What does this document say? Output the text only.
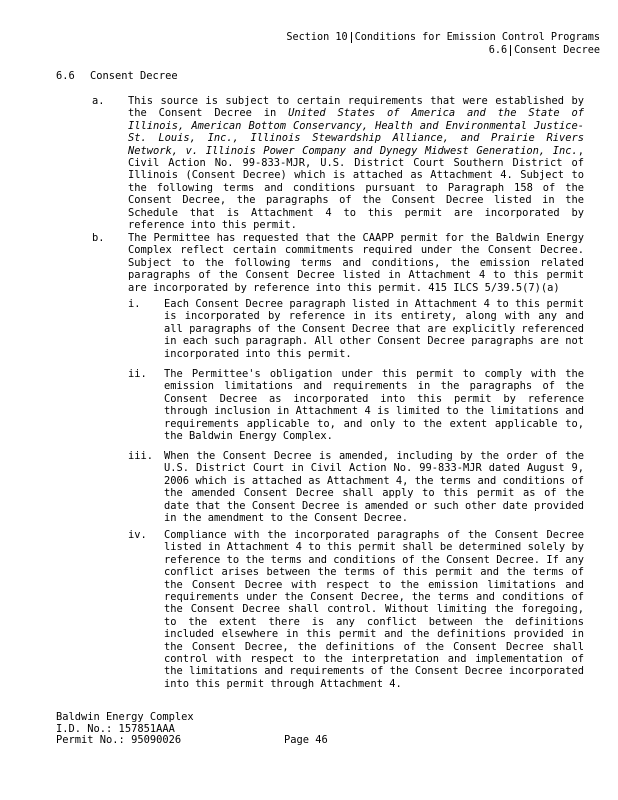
Section 10 Conditions for Emission Control Programs
6.6 Consent Decree
6.6 Consent Decree
a. This source is subject to certain requirements that were established by the Consent Decree in United States of America and the State of Illinois, American Bottom Conservancy, Health and Environmental Justice-St. Louis, Inc., Illinois Stewardship Alliance, and Prairie Rivers Network, v. Illinois Power Company and Dynegy Midwest Generation, Inc., Civil Action No. 99-833-MJR, U.S. District Court Southern District of Illinois (Consent Decree) which is attached as Attachment 4. Subject to the following terms and conditions pursuant to Paragraph 158 of the Consent Decree, the paragraphs of the Consent Decree listed in the Schedule that is Attachment 4 to this permit are incorporated by reference into this permit.
b. The Permittee has requested that the CAAPP permit for the Baldwin Energy Complex reflect certain commitments required under the Consent Decree. Subject to the following terms and conditions, the emission related paragraphs of the Consent Decree listed in Attachment 4 to this permit are incorporated by reference into this permit. 415 ILCS 5/39.5(7)(a)
i. Each Consent Decree paragraph listed in Attachment 4 to this permit is incorporated by reference in its entirety, along with any and all paragraphs of the Consent Decree that are explicitly referenced in each such paragraph. All other Consent Decree paragraphs are not incorporated into this permit.
ii. The Permittee's obligation under this permit to comply with the emission limitations and requirements in the paragraphs of the Consent Decree as incorporated into this permit by reference through inclusion in Attachment 4 is limited to the limitations and requirements applicable to, and only to the extent applicable to, the Baldwin Energy Complex.
iii. When the Consent Decree is amended, including by the order of the U.S. District Court in Civil Action No. 99-833-MJR dated August 9, 2006 which is attached as Attachment 4, the terms and conditions of the amended Consent Decree shall apply to this permit as of the date that the Consent Decree is amended or such other date provided in the amendment to the Consent Decree.
iv. Compliance with the incorporated paragraphs of the Consent Decree listed in Attachment 4 to this permit shall be determined solely by reference to the terms and conditions of the Consent Decree. If any conflict arises between the terms of this permit and the terms of the Consent Decree with respect to the emission limitations and requirements under the Consent Decree, the terms and conditions of the Consent Decree shall control. Without limiting the foregoing, to the extent there is any conflict between the definitions included elsewhere in this permit and the definitions provided in the Consent Decree, the definitions of the Consent Decree shall control with respect to the interpretation and implementation of the limitations and requirements of the Consent Decree incorporated into this permit through Attachment 4.
Baldwin Energy Complex
I.D. No.: 157851AAA
Permit No.: 95090026	Page 46
